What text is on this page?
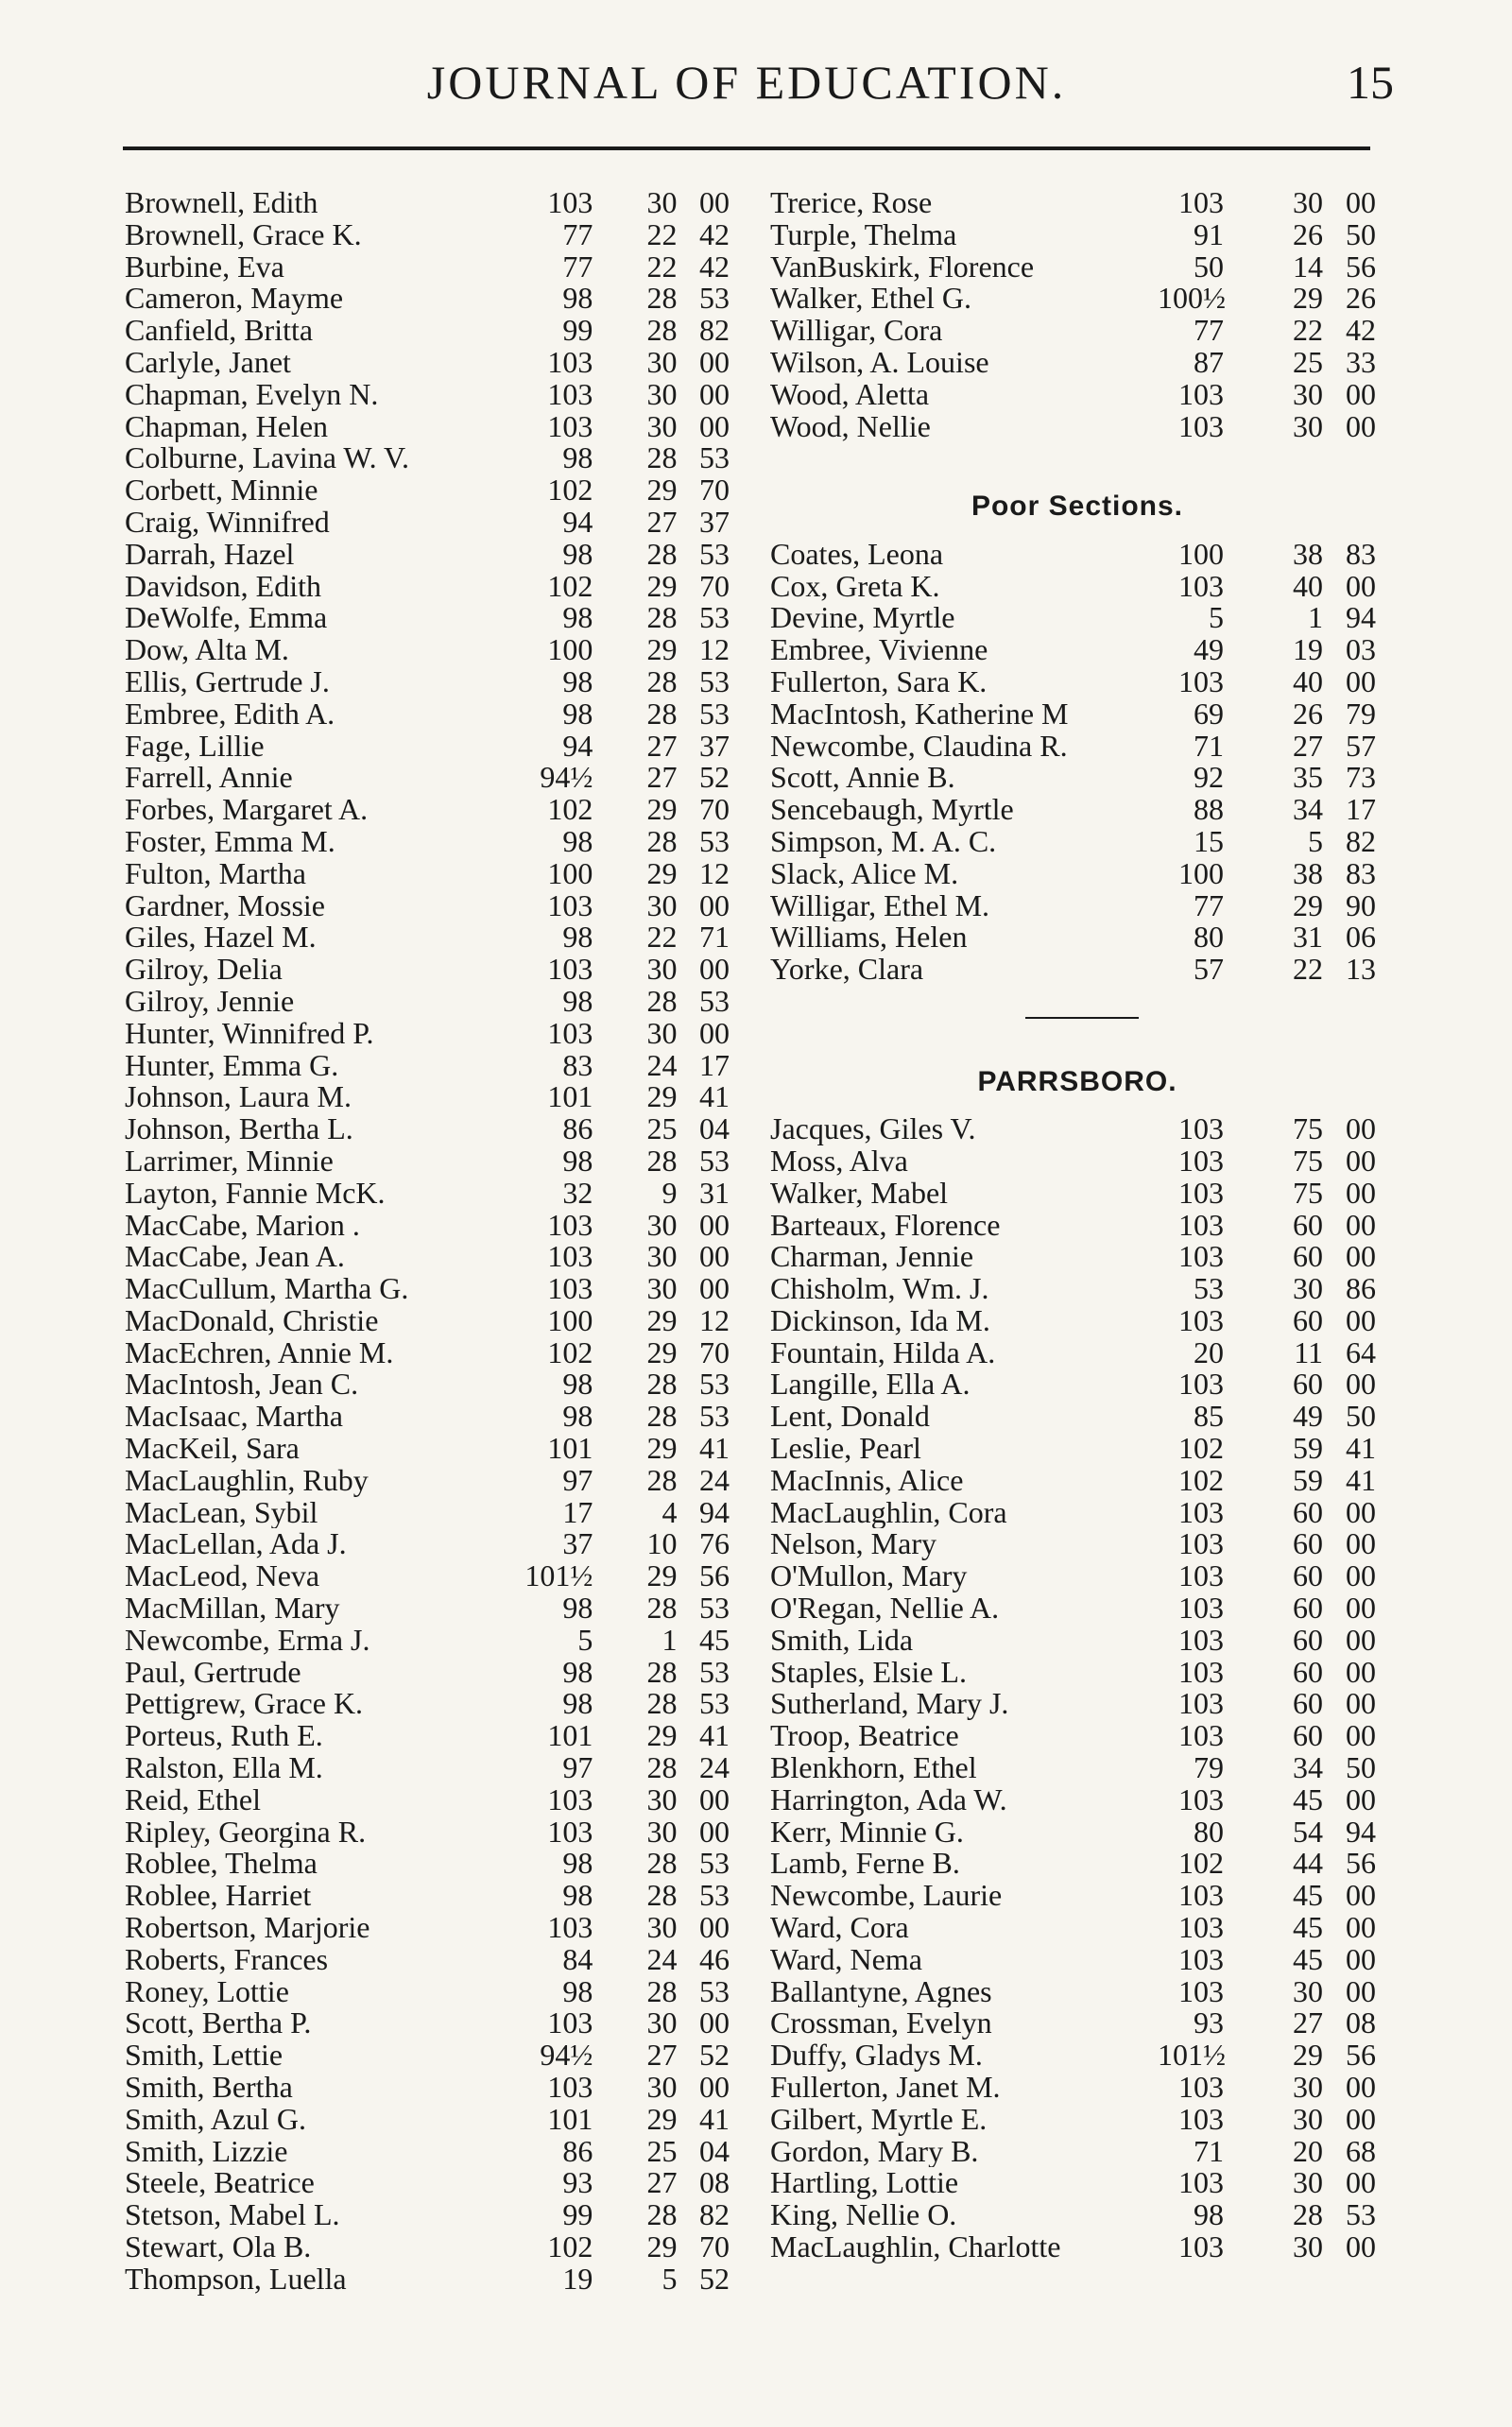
JOURNAL OF EDUCATION.	15
Brownell, Edith	103	30 00
Brownell, Grace K.	77	22 42
Burbine, Eva	77	22 42
Cameron, Mayme	98	28 53
Canfield, Britta	99	28 82
Carlyle, Janet	103	30 00
Chapman, Evelyn N.	103	30 00
Chapman, Helen	103	30 00
Colburne, Lavina W. V.	98	28 53
Corbett, Minnie	102	29 70
Craig, Winnifred	94	27 37
Darrah, Hazel	98	28 53
Davidson, Edith	102	29 70
DeWolfe, Emma	98	28 53
Dow, Alta M.	100	29 12
Ellis, Gertrude J.	98	28 53
Embree, Edith A.	98	28 53
Fage, Lillie	94	27 37
Farrell, Annie	94½	27 52
Forbes, Margaret A.	102	29 70
Foster, Emma M.	98	28 53
Fulton, Martha	100	29 12
Gardner, Mossie	103	30 00
Giles, Hazel M.	98	22 71
Gilroy, Delia	103	30 00
Gilroy, Jennie	98	28 53
Hunter, Winnifred P.	103	30 00
Hunter, Emma G.	83	24 17
Johnson, Laura M.	101	29 41
Johnson, Bertha L.	86	25 04
Larrimer, Minnie	98	28 53
Layton, Fannie McK.	32	9 31
MacCabe, Marion .	103	30 00
MacCabe, Jean A.	103	30 00
MacCullum, Martha G.	103	30 00
MacDonald, Christie	100	29 12
MacEchren, Annie M.	102	29 70
MacIntosh, Jean C.	98	28 53
MacIsaac, Martha	98	28 53
MacKeil, Sara	101	29 41
MacLaughlin, Ruby	97	28 24
MacLean, Sybil	17	4 94
MacLellan, Ada J.	37	10 76
MacLeod, Neva	101½	29 56
MacMillan, Mary	98	28 53
Newcombe, Erma J.	5	1 45
Paul, Gertrude	98	28 53
Pettigrew, Grace K.	98	28 53
Porteus, Ruth E.	101	29 41
Ralston, Ella M.	97	28 24
Reid, Ethel	103	30 00
Ripley, Georgina R.	103	30 00
Roblee, Thelma	98	28 53
Roblee, Harriet	98	28 53
Robertson, Marjorie	103	30 00
Roberts, Frances	84	24 46
Roney, Lottie	98	28 53
Scott, Bertha P.	103	30 00
Smith, Lettie	94½	27 52
Smith, Bertha	103	30 00
Smith, Azul G.	101	29 41
Smith, Lizzie	86	25 04
Steele, Beatrice	93	27 08
Stetson, Mabel L.	99	28 82
Stewart, Ola B.	102	29 70
Thompson, Luella	19	5 52
Trerice, Rose	103	30 00
Turple, Thelma	91	26 50
VanBuskirk, Florence	50	14 56
Walker, Ethel G.	100½	29 26
Willigar, Cora	77	22 42
Wilson, A. Louise	87	25 33
Wood, Aletta	103	30 00
Wood, Nellie	103	30 00
Poor Sections.
Coates, Leona	100	38 83
Cox, Greta K.	103	40 00
Devine, Myrtle	5	1 94
Embree, Vivienne	49	19 03
Fullerton, Sara K.	103	40 00
MacIntosh, Katherine M	69	26 79
Newcombe, Claudina R.	71	27 57
Scott, Annie B.	92	35 73
Sencebaugh, Myrtle	88	34 17
Simpson, M. A. C.	15	5 82
Slack, Alice M.	100	38 83
Willigar, Ethel M.	77	29 90
Williams, Helen	80	31 06
Yorke, Clara	57	22 13
PARRSBORO.
Jacques, Giles V.	103	75 00
Moss, Alva	103	75 00
Walker, Mabel	103	75 00
Barteaux, Florence	103	60 00
Charman, Jennie	103	60 00
Chisholm, Wm. J.	53	30 86
Dickinson, Ida M.	103	60 00
Fountain, Hilda A.	20	11 64
Langille, Ella A.	103	60 00
Lent, Donald	85	49 50
Leslie, Pearl	102	59 41
MacInnis, Alice	102	59 41
MacLaughlin, Cora	103	60 00
Nelson, Mary	103	60 00
O'Mullon, Mary	103	60 00
O'Regan, Nellie A.	103	60 00
Smith, Lida	103	60 00
Staples, Elsie L.	103	60 00
Sutherland, Mary J.	103	60 00
Troop, Beatrice	103	60 00
Blenkhorn, Ethel	79	34 50
Harrington, Ada W.	103	45 00
Kerr, Minnie G.	80	54 94
Lamb, Ferne B.	102	44 56
Newcombe, Laurie	103	45 00
Ward, Cora	103	45 00
Ward, Nema	103	45 00
Ballantyne, Agnes	103	30 00
Crossman, Evelyn	93	27 08
Duffy, Gladys M.	101½	29 56
Fullerton, Janet M.	103	30 00
Gilbert, Myrtle E.	103	30 00
Gordon, Mary B.	71	20 68
Hartling, Lottie	103	30 00
King, Nellie O.	98	28 53
MacLaughlin, Charlotte	103	30 00
